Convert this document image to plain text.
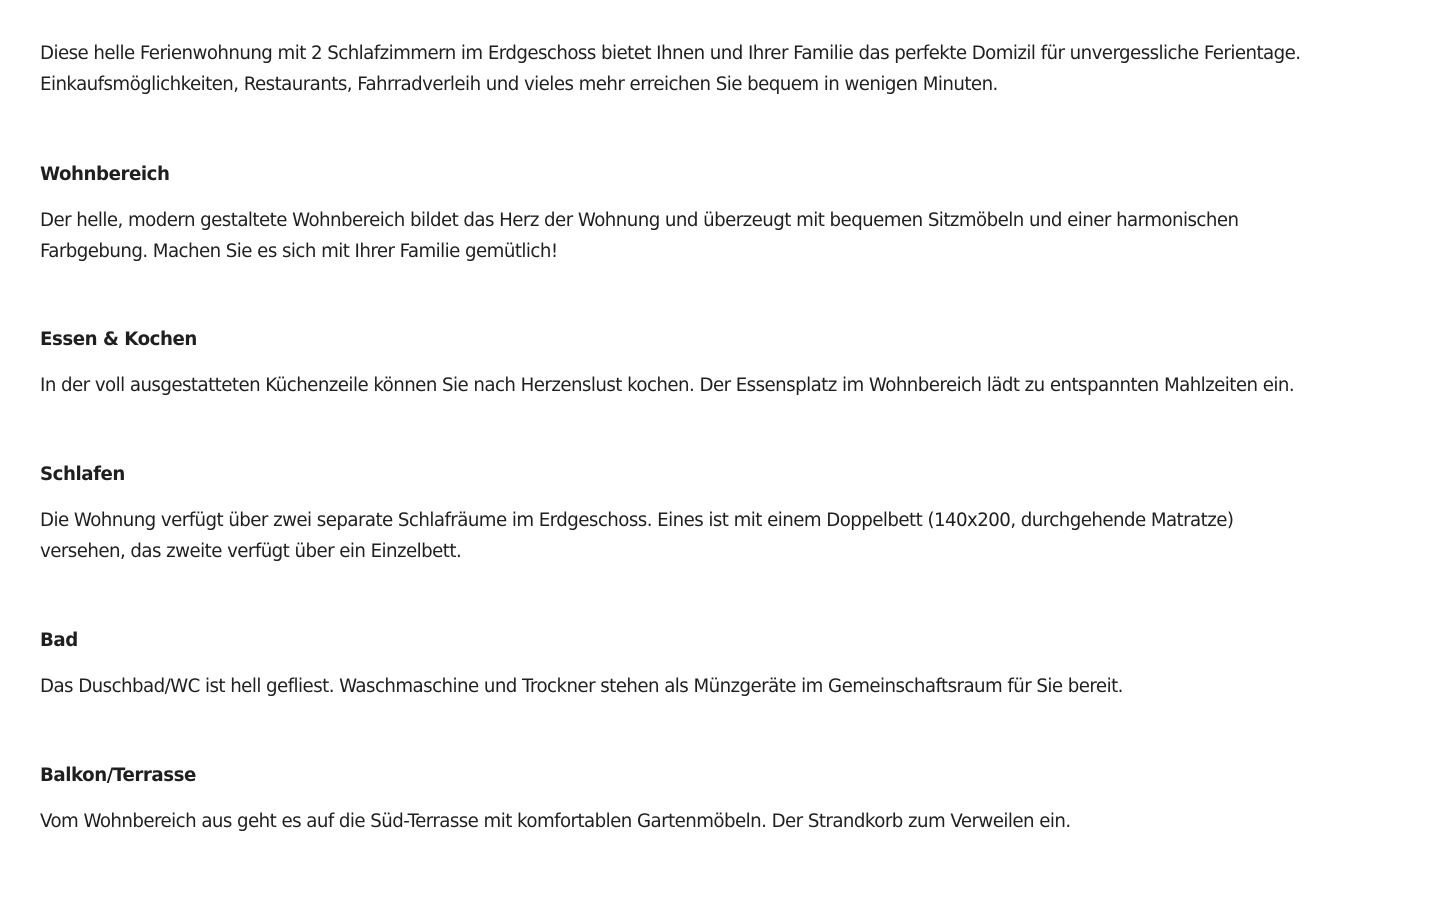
Diese helle Ferienwohnung mit 2 Schlafzimmern im Erdgeschoss bietet Ihnen und Ihrer Familie das perfekte Domizil für unvergessliche Ferientage.
Einkaufsmöglichkeiten, Restaurants, Fahrradverleih und vieles mehr erreichen Sie bequem in wenigen Minuten.

Wohnbereich

Der helle, modern gestaltete Wohnbereich bildet das Herz der Wohnung und überzeugt mit bequemen Sitzmöbeln und einer harmonischen
Farbgebung. Machen Sie es sich mit Ihrer Familie gemütlich!

Essen & Kochen

In der voll ausgestatteten Küchenzeile können Sie nach Herzenslust kochen. Der Essensplatz im Wohnbereich lädt zu entspannten Mahlzeiten ein.

Schlafen

Die Wohnung verfügt über zwei separate Schlafräume im Erdgeschoss. Eines ist mit einem Doppelbett (140x200, durchgehende Matratze)
versehen, das zweite verfügt über ein Einzelbett.

Bad

Das Duschbad/WC ist hell gefliest. Waschmaschine und Trockner stehen als Münzgeräte im Gemeinschaftsraum für Sie bereit.

Balkon/Terrasse

Vom Wohnbereich aus geht es auf die Süd-Terrasse mit komfortablen Gartenmöbeln. Der Strandkorb zum Verweilen ein.
